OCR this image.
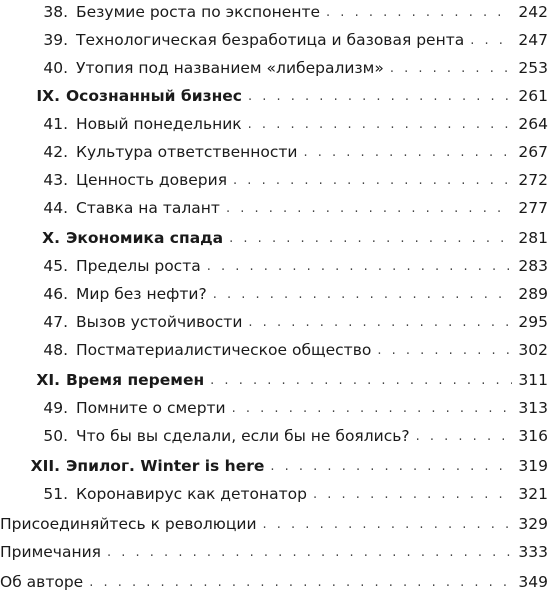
38. Безумие роста по экспоненте . . .	242
39. Технологическая безработица и базовая рента . . .	247
40. Утопия под названием «либерализм» . . .	253
IX. Осознанный бизнес . . .	261
41. Новый понедельник . . .	264
42. Культура ответственности . . .	267
43. Ценность доверия . . .	272
44. Ставка на талант . . .	277
X. Экономика спада . . .	281
45. Пределы роста . . .	283
46. Мир без нефти? . . .	289
47. Вызов устойчивости . . .	295
48. Постматериалистическое общество . . .	302
XI. Время перемен . . .	311
49. Помните о смерти . . .	313
50. Что бы вы сделали, если бы не боялись? . . .	316
XII. Эпилог. Winter is here . . .	319
51. Коронавирус как детонатор . . .	321
Присоединяйтесь к революции . . .	329
Примечания . . .	333
Об авторе . . .	349
